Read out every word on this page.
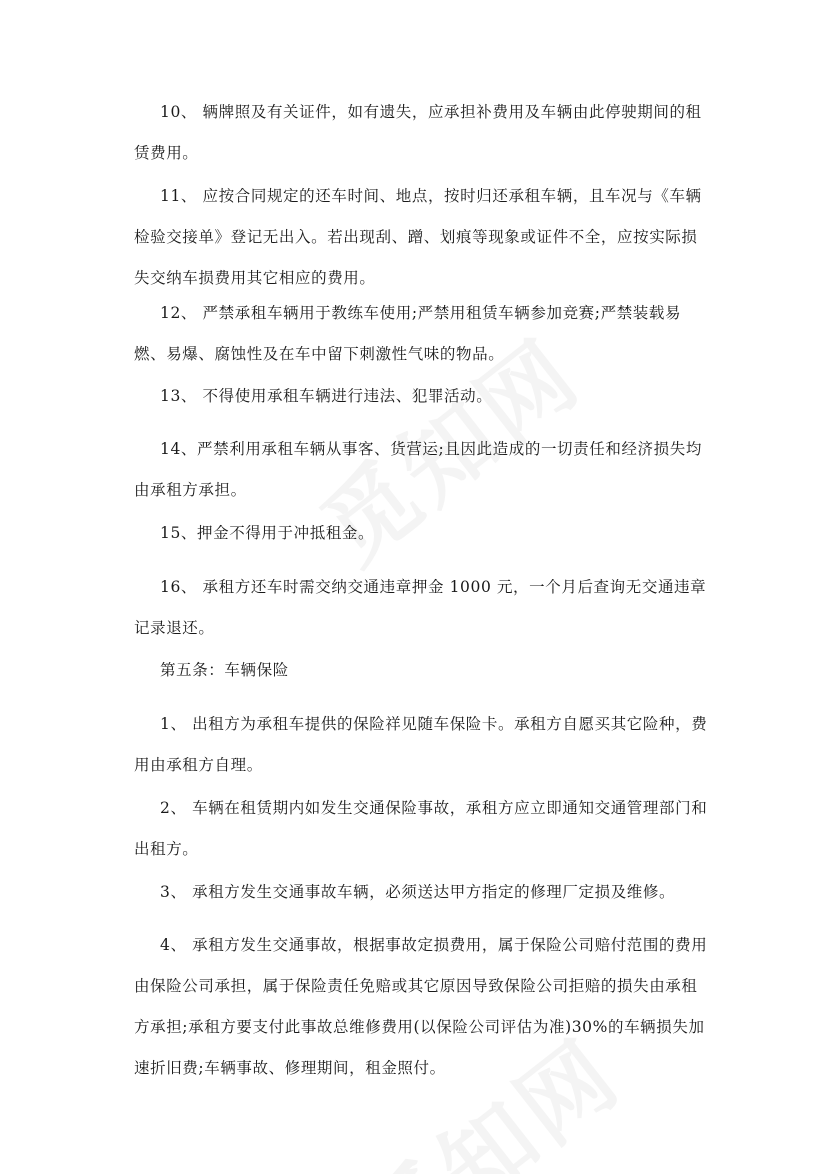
10、 辆牌照及有关证件，如有遗失，应承担补费用及车辆由此停驶期间的租赁费用。

11、 应按合同规定的还车时间、地点，按时归还承租车辆，且车况与《车辆检验交接单》登记无出入。若出现刮、蹭、划痕等现象或证件不全，应按实际损失交纳车损费用其它相应的费用。

12、 严禁承租车辆用于教练车使用;严禁用租赁车辆参加竞赛;严禁装载易燃、易爆、腐蚀性及在车中留下刺激性气味的物品。

13、 不得使用承租车辆进行违法、犯罪活动。

14、严禁利用承租车辆从事客、货营运;且因此造成的一切责任和经济损失均由承租方承担。

15、押金不得用于冲抵租金。

16、 承租方还车时需交纳交通违章押金 1000 元，一个月后查询无交通违章记录退还。

第五条：车辆保险

1、 出租方为承租车提供的保险祥见随车保险卡。承租方自愿买其它险种，费用由承租方自理。

2、 车辆在租赁期内如发生交通保险事故，承租方应立即通知交通管理部门和出租方。

3、 承租方发生交通事故车辆，必须送达甲方指定的修理厂定损及维修。

4、 承租方发生交通事故，根据事故定损费用，属于保险公司赔付范围的费用由保险公司承担，属于保险责任免赔或其它原因导致保险公司拒赔的损失由承租方承担;承租方要支付此事故总维修费用(以保险公司评估为准)30%的车辆损失加速折旧费;车辆事故、修理期间，租金照付。
